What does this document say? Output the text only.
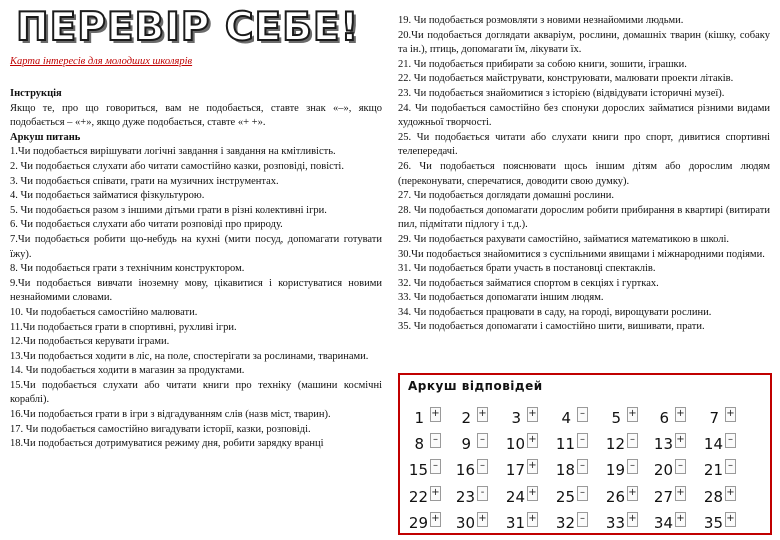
ПЕРЕВІР СЕБЕ!
Карта інтересів для молодших школярів

Інструкція

Якщо те, про що говориться, вам не подобається, ставте знак «–», якщо подобається – «+», якщо дуже подобається, ставте «+ +».

Аркуш питань

1.Чи подобається вирішувати логічні завдання і завдання на кмітливість.

2. Чи подобається слухати або читати самостійно казки, розповіді, повісті.

3. Чи подобається співати, грати на музичних інструментах.

4. Чи подобається займатися фізкультурою.

5. Чи подобається разом з іншими дітьми грати в різні колективні ігри.

6. Чи подобається слухати або читати розповіді про природу.

7.Чи подобається робити що-небудь на кухні (мити посуд, допомагати готувати їжу).

8. Чи подобається грати з технічним конструктором.

9.Чи подобається вивчати іноземну мову, цікавитися і користуватися новими незнайомими словами.

10. Чи подобається самостійно малювати.

11.Чи подобається грати в спортивні, рухливі ігри.

12.Чи подобається керувати іграми.

13.Чи подобається ходити в ліс, на поле, спостерігати за рослинами, тваринами.

14. Чи подобається ходити в магазин за продуктами.

15.Чи подобається слухати або читати книги про техніку (машини космічні кораблі).

16.Чи подобається грати в ігри з відгадуванням слів (назв міст, тварин).

17. Чи подобається самостійно вигадувати історії, казки, розповіді.

18.Чи подобається дотримуватися режиму дня, робити зарядку вранці

19. Чи подобається розмовляти з новими незнайомими людьми.

20.Чи подобається доглядати акваріум, рослини, домашніх тварин (кішку, собаку та ін.), птиць, допомагати їм, лікувати їх.

21. Чи подобається прибирати за собою книги, зошити, іграшки.

22. Чи подобається майструвати, конструювати, малювати проекти літаків.

23. Чи подобається знайомитися з історією (відвідувати історичні музеї).

24. Чи подобається самостійно без спонуки дорослих займатися різними видами художньої творчості.

25. Чи подобається читати або слухати книги про спорт, дивитися спортивні телепередачі.

26. Чи подобається пояснювати щось іншим дітям або дорослим людям (переконувати, сперечатися, доводити свою думку).

27. Чи подобається доглядати домашні рослини.

28. Чи подобається допомагати дорослим робити прибирання в квартирі (витирати пил, підмітати підлогу і т.д.).

29. Чи подобається рахувати самостійно, займатися математикою в школі.

30.Чи подобається знайомитися з суспільними явищами і міжнародними подіями.

31. Чи подобається брати участь в постановці спектаклів.

32. Чи подобається займатися спортом в секціях і гуртках.

33. Чи подобається допомагати іншим людям.

34. Чи подобається працювати в саду, на городі, вирощувати рослини.

35. Чи подобається допомагати і самостійно шити, вишивати, прати.

Аркуш відповідей
1 +	2 +	3 +	4 –	5 +	6 +	7 +
8 –	9 – 10 + 11 – 12 – 13 + 14 –
15 – 16 – 17 + 18 – 19 – 20 – 21 –
22 + 23 - 24 + 25 – 26 + 27 + 28 +
29 + 30 + 31 + 32 – 33 + 34 + 35 +
